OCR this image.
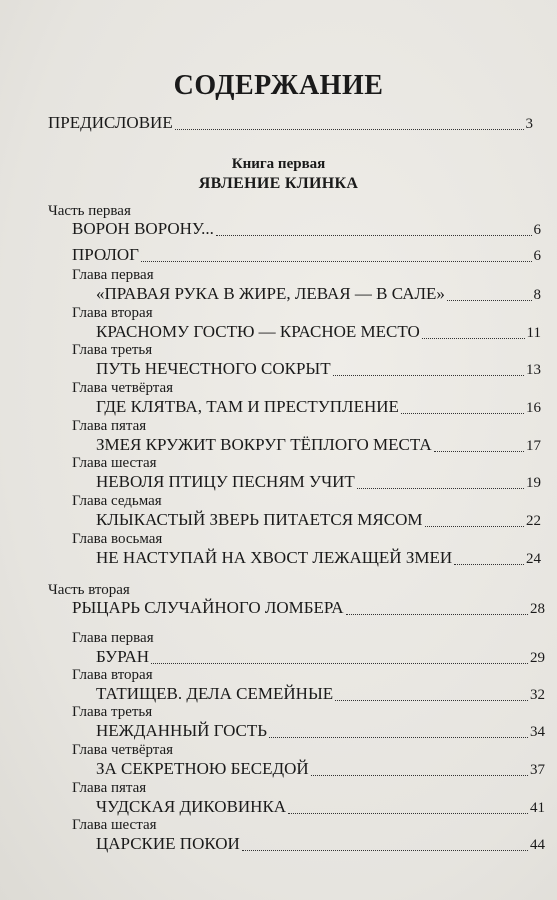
СОДЕРЖАНИЕ
ПРЕДИСЛОВИЕ	3
Книга первая
ЯВЛЕНИЕ КЛИНКА
Часть первая
ВОРОН ВОРОНУ...	6
ПРОЛОГ	6
Глава первая
«ПРАВАЯ РУКА В ЖИРЕ, ЛЕВАЯ — В САЛЕ»	8
Глава вторая
КРАСНОМУ ГОСТЮ — КРАСНОЕ МЕСТО	11
Глава третья
ПУТЬ НЕЧЕСТНОГО СОКРЫТ	13
Глава четвёртая
ГДЕ КЛЯТВА, ТАМ И ПРЕСТУПЛЕНИЕ	16
Глава пятая
ЗМЕЯ КРУЖИТ ВОКРУГ ТЁПЛОГО МЕСТА	17
Глава шестая
НЕВОЛЯ ПТИЦУ ПЕСНЯМ УЧИТ	19
Глава седьмая
КЛЫКАСТЫЙ ЗВЕРЬ ПИТАЕТСЯ МЯСОМ	22
Глава восьмая
НЕ НАСТУПАЙ НА ХВОСТ ЛЕЖАЩЕЙ ЗМЕИ	24
Часть вторая
РЫЦАРЬ СЛУЧАЙНОГО ЛОМБЕРА	28
Глава первая
БУРАН	29
Глава вторая
ТАТИЩЕВ. ДЕЛА СЕМЕЙНЫЕ	32
Глава третья
НЕЖДАННЫЙ ГОСТЬ	34
Глава четвёртая
ЗА СЕКРЕТНОЮ БЕСЕДОЙ	37
Глава пятая
ЧУДСКАЯ ДИКОВИНКА	41
Глава шестая
ЦАРСКИЕ ПОКОИ	44
